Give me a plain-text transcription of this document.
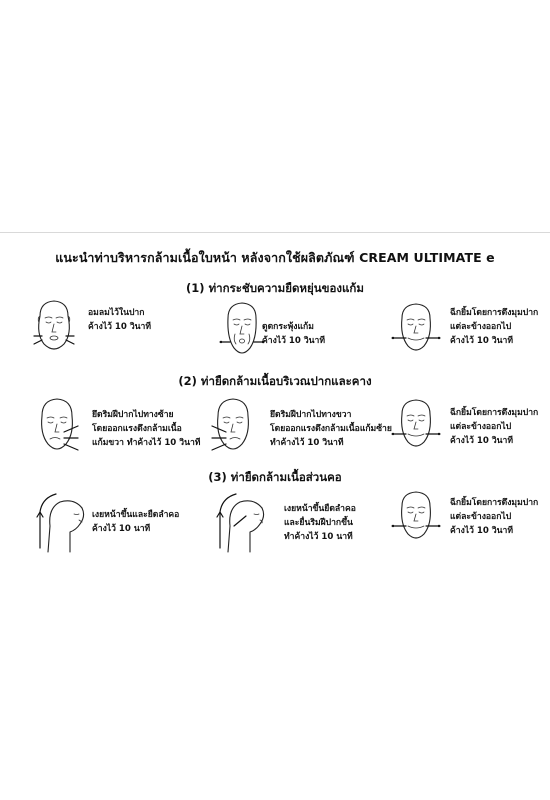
แนะนำท่าบริหารกล้ามเนื้อใบหน้า หลังจากใช้ผลิตภัณฑ์ CREAM ULTIMATE e
(1) ท่ากระชับความยืดหยุ่นของแก้ม
(2) ท่ายืดกล้ามเนื้อบริเวณปากและคาง
(3) ท่ายืดกล้ามเนื้อส่วนคอ
อมลมไว้ในปาก
ค้างไว้ 10 วินาที	ดูดกระพุ้งแก้ม
ค้างไว้ 10 วินาที
ฉีกยิ้มโดยการดึงมุมปาก
แต่ละข้างออกไป
ค้างไว้ 10 วินาที
ยึดริมฝีปากไปทางซ้าย
โดยออกแรงดึงกล้ามเนื้อ
แก้มขวา ทำค้างไว้ 10 วินาที
ยึดริมฝีปากไปทางขวา
โดยออกแรงดึงกล้ามเนื้อแก้มซ้าย
ทำค้างไว้ 10 วินาที
ฉีกยิ้มโดยการดึงมุมปาก
แต่ละข้างออกไป
ค้างไว้ 10 วินาที
เงยหน้าขึ้นและยืดลำคอ
ค้างไว้ 10 นาที
เงยหน้าขึ้นยืดลำคอ
และยื่นริมฝีปากขึ้น
ทำค้างไว้ 10 นาที
ฉีกยิ้มโดยการดึงมุมปาก
แต่ละข้างออกไป
ค้างไว้ 10 วินาที
